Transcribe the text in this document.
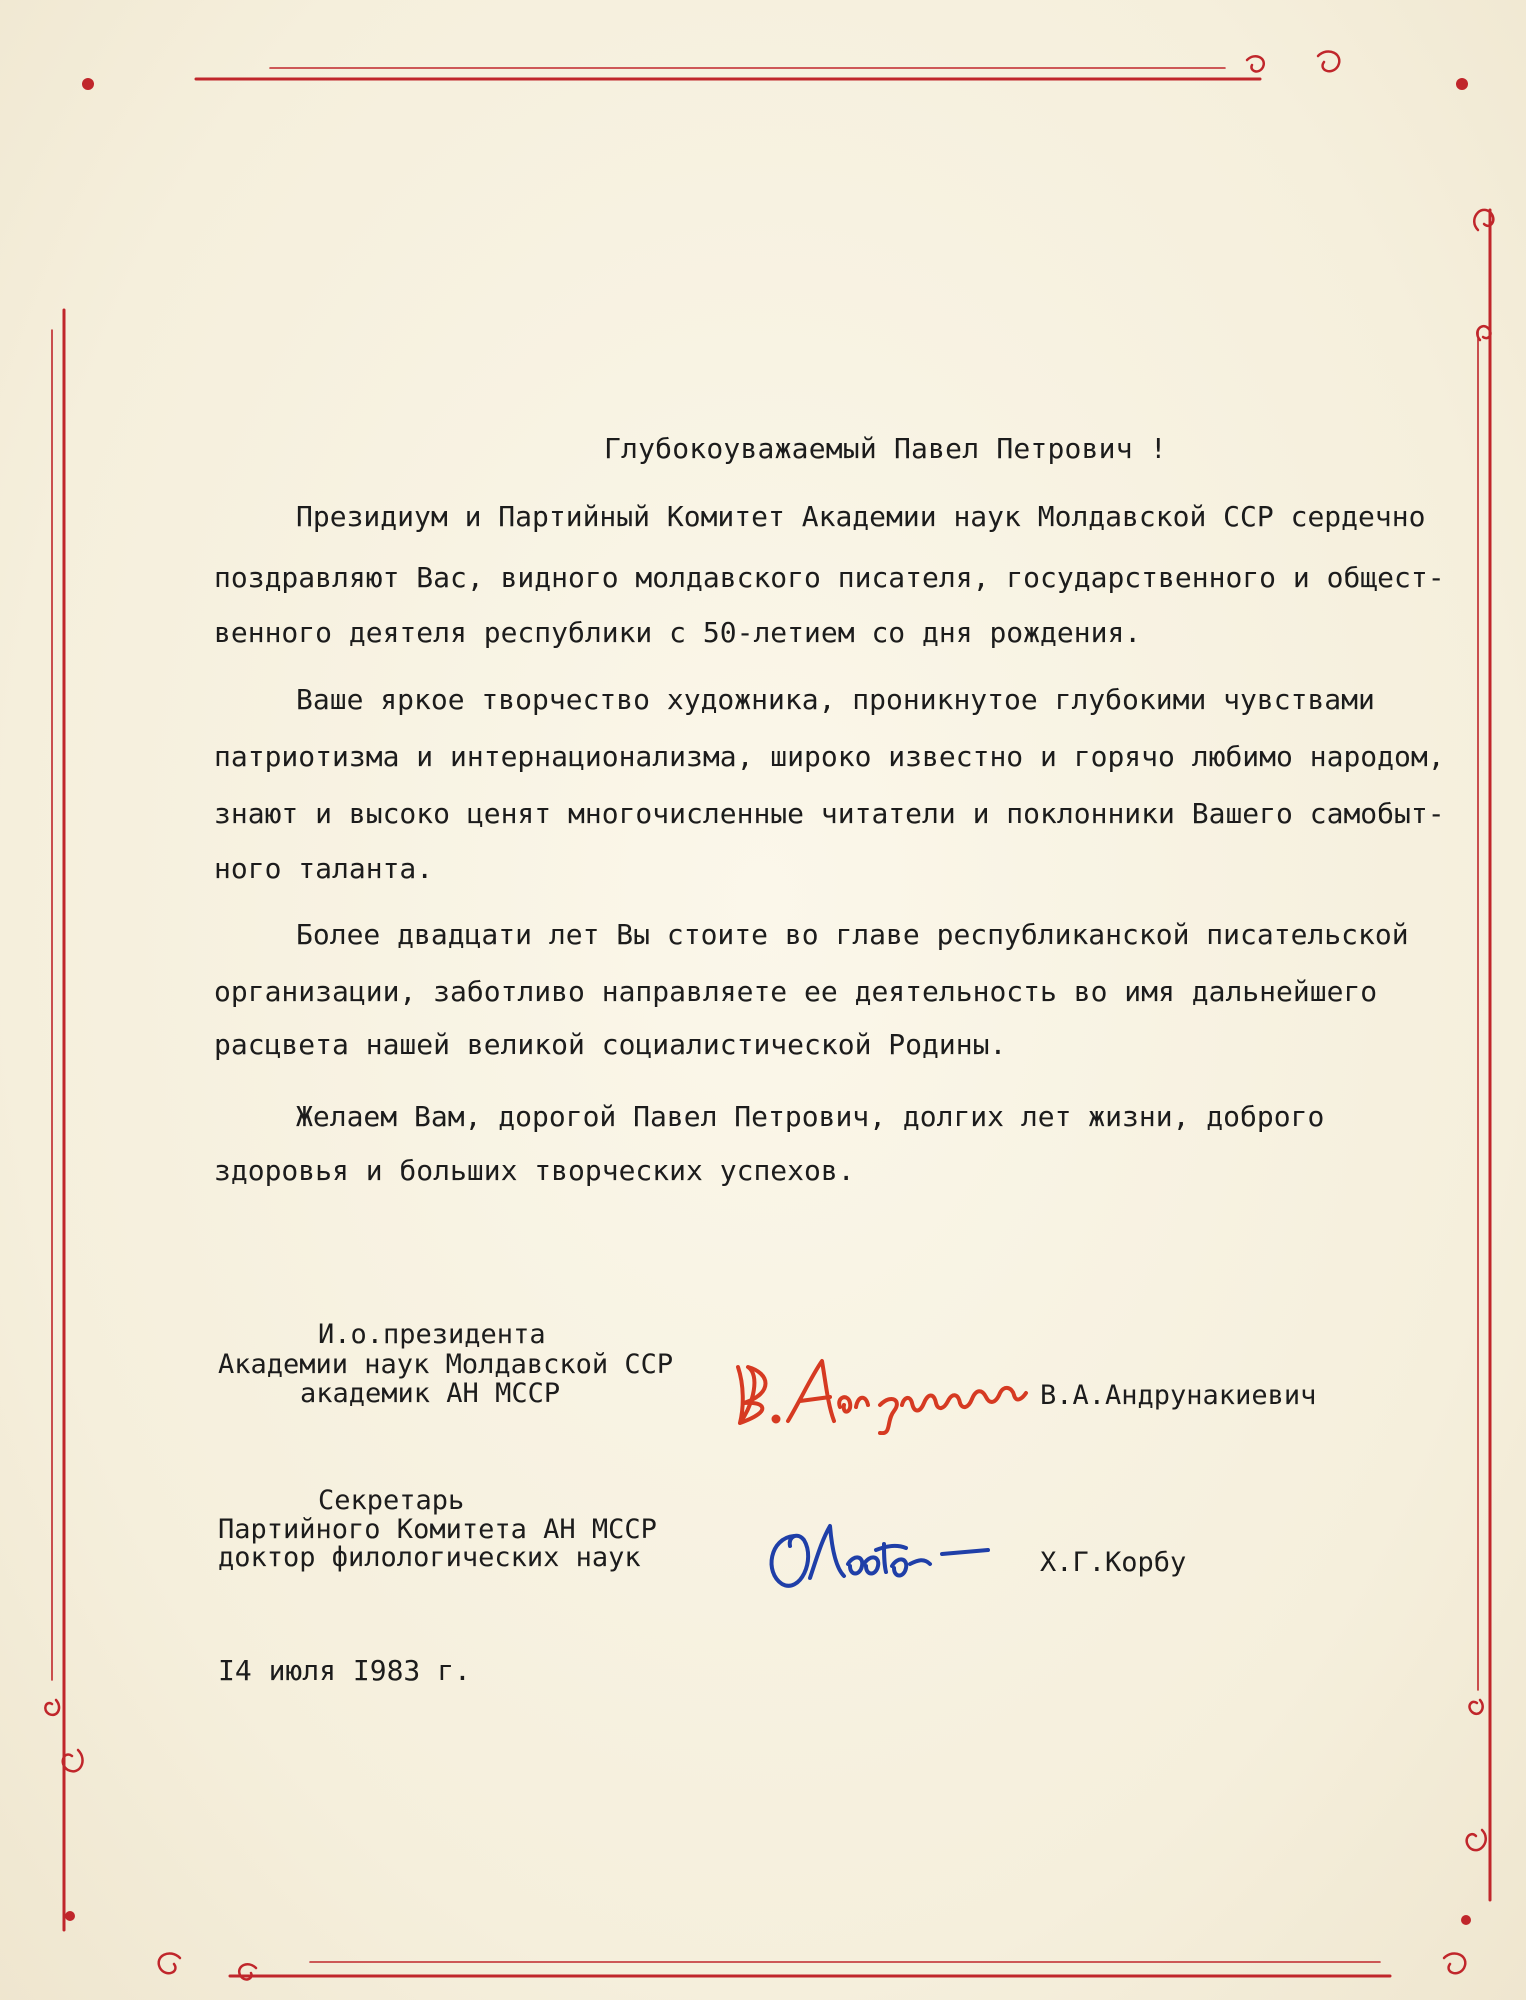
Глубокоуважаемый Павел Петрович !
Президиум и Партийный Комитет Академии наук Молдавской ССР сердечно
поздравляют Вас, видного молдавского писателя, государственного и общест-
венного деятеля республики с 50-летием со дня рождения.
Ваше яркое творчество художника, проникнутое глубокими чувствами
патриотизма и интернационализма, широко известно и горячо любимо народом,
знают и высоко ценят многочисленные читатели и поклонники Вашего самобыт-
ного таланта.
Более двадцати лет Вы стоите во главе республиканской писательской
организации, заботливо направляете ее деятельность во имя дальнейшего
расцвета нашей великой социалистической Родины.
Желаем Вам, дорогой Павел Петрович, долгих лет жизни, доброго
здоровья и больших творческих успехов.
И.о.президента
Академии наук Молдавской ССР
академик АН МССР	В.А.Андрунакиевич
Секретарь
Партийного Комитета АН МССР
доктор филологических наук	Х.Г.Корбу
I4 июля I983 г.
